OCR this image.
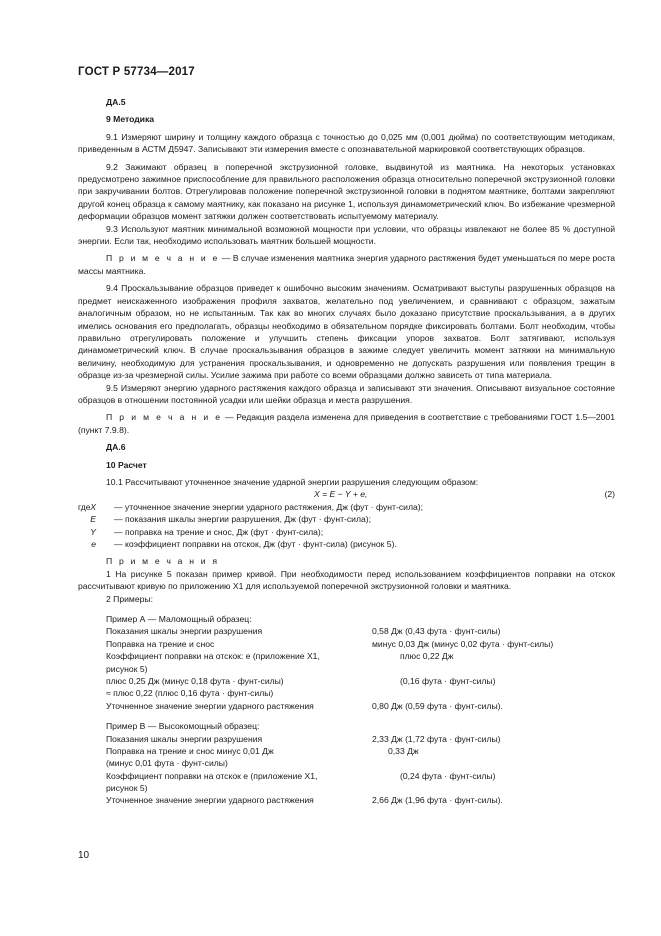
ГОСТ Р 57734—2017

ДА.5

9 Методика

9.1 Измеряют ширину и толщину каждого образца с точностью до 0,025 мм (0,001 дюйма) по соответствующим методикам, приведенным в АСТМ Д5947. Записывают эти измерения вместе с опознавательной маркировкой соответствующих образцов.

9.2 Зажимают образец в поперечной экструзионной головке, выдвинутой из маятника. На некоторых установках предусмотрено зажимное приспособление для правильного расположения образца относительно поперечной экструзионной головки при закручивании болтов. Отрегулировав положение поперечной экструзионной головки в поднятом маятнике, болтами закрепляют другой конец образца к самому маятнику, как показано на рисунке 1, используя динамометрический ключ. Во избежание чрезмерной деформации образцов момент затяжки должен соответствовать испытуемому материалу.

9.3 Используют маятник минимальной возможной мощности при условии, что образцы извлекают не более 85 % доступной энергии. Если так, необходимо использовать маятник большей мощности.

П р и м е ч а н и е — В случае изменения маятника энергия ударного растяжения будет уменьшаться по мере роста массы маятника.

9.4 Проскальзывание образцов приведет к ошибочно высоким значениям. Осматривают выступы разрушенных образцов на предмет неискаженного изображения профиля захватов, желательно под увеличением, и сравнивают с образцом, зажатым аналогичным образом, но не испытанным. Так как во многих случаях было доказано присутствие проскальзывания, а в других имелись основания его предполагать, образцы необходимо в обязательном порядке фиксировать болтами. Болт необходим, чтобы правильно отрегулировать положение и улучшить степень фиксации упоров захватов. Болт затягивают, используя динамометрический ключ. В случае проскальзывания образцов в зажиме следует увеличить момент затяжки на минимальную величину, необходимую для устранения проскальзывания, и одновременно не допускать разрушения или появления трещин в образце из-за чрезмерной силы. Усилие зажима при работе со всеми образцами должно зависеть от типа материала.

9.5 Измеряют энергию ударного растяжения каждого образца и записывают эти значения. Описывают визуальное состояние образцов в отношении постоянной усадки или шейки образца и места разрушения.

П р и м е ч а н и е — Редакция раздела изменена для приведения в соответствие с требованиями ГОСТ 1.5—2001 (пункт 7.9.8).

ДА.6

10 Расчет

10.1 Рассчитывают уточненное значение ударной энергии разрушения следующим образом:

X = E − Y + e,	(2)
где X — уточненное значение энергии ударного растяжения, Дж (фут · фунт-сила);
E — показания шкалы энергии разрушения, Дж (фут · фунт-сила);
Y — поправка на трение и снос, Дж (фут · фунт-сила);
e — коэффициент поправки на отскок, Дж (фут · фунт-сила) (рисунок 5).

П р и м е ч а н и я

1 На рисунке 5 показан пример кривой. При необходимости перед использованием коэффициентов поправки на отскок рассчитывают кривую по приложению Х1 для используемой поперечной экструзионной головки и маятника.

2 Примеры:

Пример А — Маломощный образец:

Показания шкалы энергии разрушения	0,58 Дж (0,43 фута · фунт-силы)
Поправка на трение и снос	минус 0,03 Дж (минус 0,02 фута · фунт-силы)
Коэффициент поправки на отскок: e (приложение Х1,	плюс 0,22 Дж
рисунок 5)
плюс 0,25 Дж (минус 0,18 фута · фунт-силы)	(0,16 фута · фунт-силы)
≈ плюс 0,22 (плюс 0,16 фута · фунт-силы)
Уточненное значение энергии ударного растяжения	0,80 Дж (0,59 фута · фунт-силы).

Пример В — Высокомощный образец:

Показания шкалы энергии разрушения	2,33 Дж (1,72 фута · фунт-силы)
Поправка на трение и снос минус 0,01 Дж	0,33 Дж
(минус 0,01 фута · фунт-силы)
Коэффициент поправки на отскок e (приложение Х1,	(0,24 фута · фунт-силы)
рисунок 5)
Уточненное значение энергии ударного растяжения	2,66 Дж (1,96 фута · фунт-силы).
10
